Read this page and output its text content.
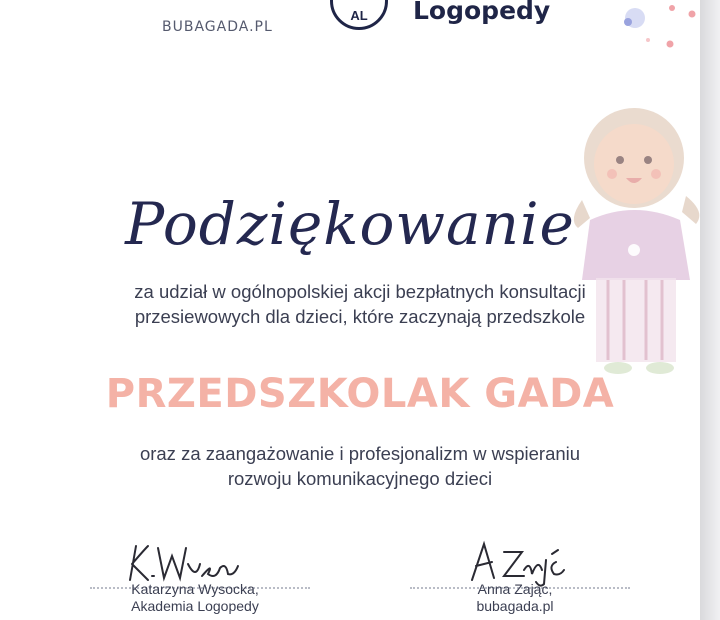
BUBAGADA.PL
AL	Logopedy
Podziękowanie
za udział w ogólnopolskiej akcji bezpłatnych konsultacji
przesiewowych dla dzieci, które zaczynają przedszkole
PRZEDSZKOLAK GADA
oraz za zaangażowanie i profesjonalizm w wspieraniu
rozwoju komunikacyjnego dzieci
Katarzyna Wysocka,
Akademia Logopedy
Anna Zając,
bubagada.pl
